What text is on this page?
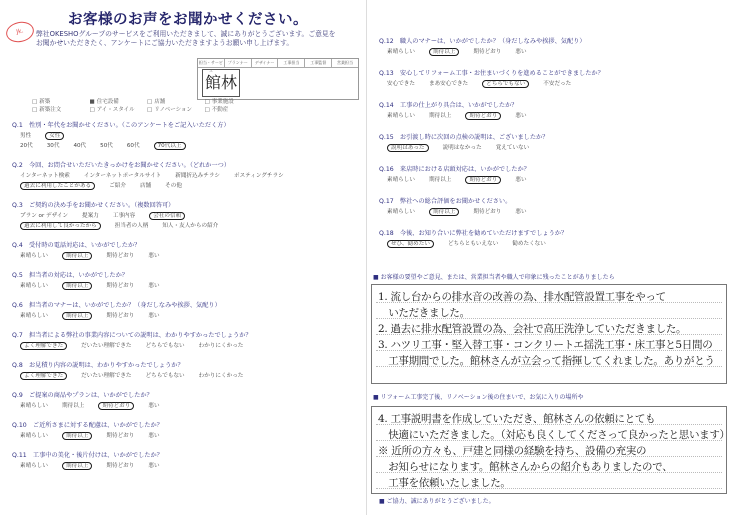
お客様のお声をお聞かせください。
Jk.	弊社OKESHOグループのサービスをご利用いただきまして、誠にありがとうございます。ご意見をお聞かせいただきたく、アンケートにご協力いただきますようお願い申し上げます。
担当・サービス
プランナー	デザイナー	工事担当	工事監督	営業担当
館林
□ 新築	■ 住宅設備	□ 店舗	□ 事業施設
□ 新築注文	□ アイ・スタイル	□ リノベーション	□ 不動産
Q.1　性別・年代をお聞かせください。（このアンケートをご記入いただく方）
男性	女性
20代	30代	40代	50代	60代	70代以上
Q.2　今回、お問合せいただいたきっかけをお聞かせください。（どれか一つ）
インターネット検索	インターネットポータルサイト	新聞折込みチラシ	ポスティングチラシ
過去に利用したことがある	ご紹介	店舗	その他
Q.3　ご契約の決め手をお聞かせください。（複数回答可）
プラン or デザイン	提案力	工事内容	会社の信頼
過去に利用して良かったから	担当者の人柄	知人・友人からの紹介
Q.4　受付時の電話対応は、いかがでしたか？
素晴らしい	期待以上	期待どおり	悪い
Q.5　担当者の対応は、いかがでしたか？
素晴らしい	期待以上	期待どおり	悪い
Q.6　担当者のマナーは、いかがでしたか？（身だしなみや挨拶、気配り）
素晴らしい	期待以上	期待どおり	悪い
Q.7　担当者による弊社の事業内容についての説明は、わかりやすかったでしょうか？
よく理解できた	だいたい理解できた	どちらでもない	わかりにくかった
Q.8　お見積り内容の説明は、わかりやすかったでしょうか？
よく理解できた	だいたい理解できた	どちらでもない	わかりにくかった
Q.9　ご提案の商品やプランは、いかがでしたか？
素晴らしい	期待以上	期待どおり	悪い
Q.10　ご近所さまに対する配慮は、いかがでしたか？
素晴らしい	期待以上	期待どおり	悪い
Q.11　工事中の美化・後片付けは、いかがでしたか？
素晴らしい	期待以上	期待どおり	悪い
Q.12　職人のマナーは、いかがでしたか？（身だしなみや挨拶、気配り）
素晴らしい	期待以上	期待どおり	悪い
Q.13　安心してリフォーム工事・お住まいづくりを進めることができましたか？
安心できた	まあ安心できた	どちらでもない	不安だった
Q.14　工事の仕上がり具合は、いかがでしたか？
素晴らしい	期待以上	期待どおり	悪い
Q.15　お引渡し時に次回の点検の説明は、ございましたか？
説明はあった	説明はなかった	覚えていない
Q.16　来店時における店頭対応は、いかがでしたか？
素晴らしい	期待以上	期待どおり	悪い
Q.17　弊社への総合評価をお聞かせください。
素晴らしい	期待以上	期待どおり	悪い
Q.18　今後、お知り合いに弊社を勧めていただけますでしょうか？
ぜひ、勧めたい	どちらともいえない	勧めたくない
■ お客様の要望やご意見、または、営業担当者や職人で印象に残ったことがありましたら
1. 流し台からの排水音の改善の為、排水配管設置工事をやって
　いただきました。
2. 過去に排水配管設置の為、会社で高圧洗浄していただきました。
3. ハツリ工事・堅入替工事・コンクリートエ揺洗工事・床工事と5日間の
　工事期間でした。館林さんが立会って指揮してくれました。ありがとう
■ リフォーム工事完了後、リノベーション後の住まいで、お気に入りの場所や
4. 工事説明書を作成していただき、館林さんの依頼にとても
　快適にいただきました。（対応も良くしてくださって良かったと思います）
※ 近所の方々も、戸建と同様の経験を持ち、設備の充実の
　お知らせになります。館林さんからの紹介もありましたので、
　工事を依頼いたしました。
■ ご協力、誠にありがとうございました。
